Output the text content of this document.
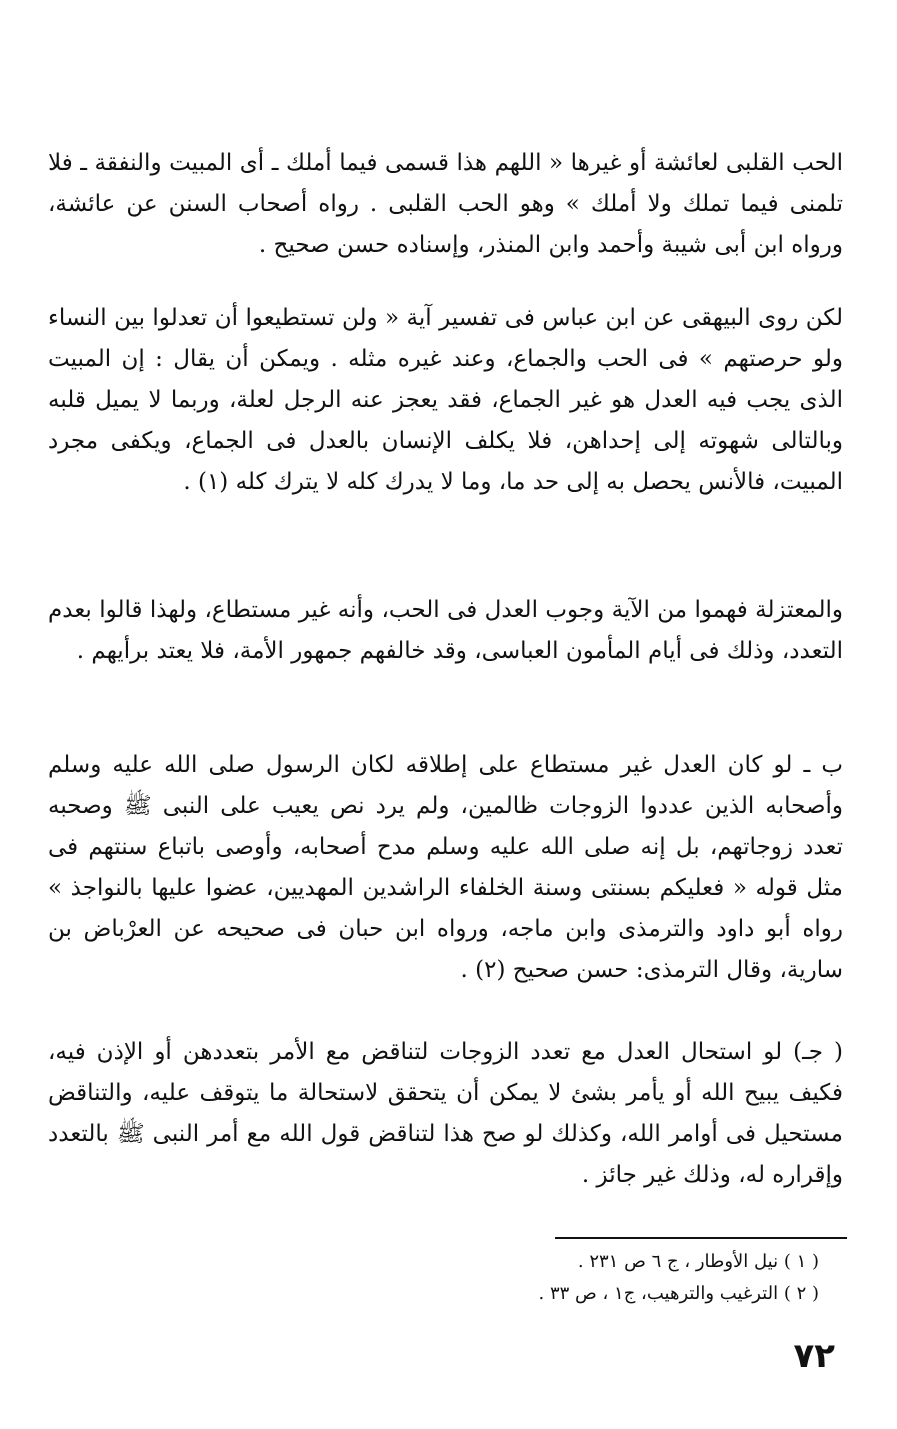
الحب القلبى لعائشة أو غيرها « اللهم هذا قسمى فيما أملك ـ أى المبيت والنفقة ـ فلا تلمنى فيما تملك ولا أملك » وهو الحب القلبى . رواه أصحاب السنن عن عائشة، ورواه ابن أبى شيبة وأحمد وابن المنذر، وإسناده حسن صحيح .

لكن روى البيهقى عن ابن عباس فى تفسير آية « ولن تستطيعوا أن تعدلوا بين النساء ولو حرصتهم » فى الحب والجماع، وعند غيره مثله . ويمكن أن يقال : إن المبيت الذى يجب فيه العدل هو غير الجماع، فقد يعجز عنه الرجل لعلة، وربما لا يميل قلبه وبالتالى شهوته إلى إحداهن، فلا يكلف الإنسان بالعدل فى الجماع، ويكفى مجرد المبيت، فالأنس يحصل به إلى حد ما، وما لا يدرك كله لا يترك كله (١) .

والمعتزلة فهموا من الآية وجوب العدل فى الحب، وأنه غير مستطاع، ولهذا قالوا بعدم التعدد، وذلك فى أيام المأمون العباسى، وقد خالفهم جمهور الأمة، فلا يعتد برأيهم .

ب ـ لو كان العدل غير مستطاع على إطلاقه لكان الرسول صلى الله عليه وسلم وأصحابه الذين عددوا الزوجات ظالمين، ولم يرد نص يعيب على النبى ﷺ وصحبه تعدد زوجاتهم، بل إنه صلى الله عليه وسلم مدح أصحابه، وأوصى باتباع سنتهم فى مثل قوله « فعليكم بسنتى وسنة الخلفاء الراشدين المهديين، عضوا عليها بالنواجذ » رواه أبو داود والترمذى وابن ماجه، ورواه ابن حبان فى صحيحه عن العرْباض بن سارية، وقال الترمذى: حسن صحيح (٢) .

( جـ) لو استحال العدل مع تعدد الزوجات لتناقض مع الأمر بتعددهن أو الإذن فيه، فكيف يبيح الله أو يأمر بشئ لا يمكن أن يتحقق لاستحالة ما يتوقف عليه، والتناقض مستحيل فى أوامر الله، وكذلك لو صح هذا لتناقض قول الله مع أمر النبى ﷺ بالتعدد وإقراره له، وذلك غير جائز .

( ١ ) نيل الأوطار ، ج ٦ ص ٢٣١ .
( ٢ ) الترغيب والترهيب، ج١ ، ص ٣٣ .
٧٢
